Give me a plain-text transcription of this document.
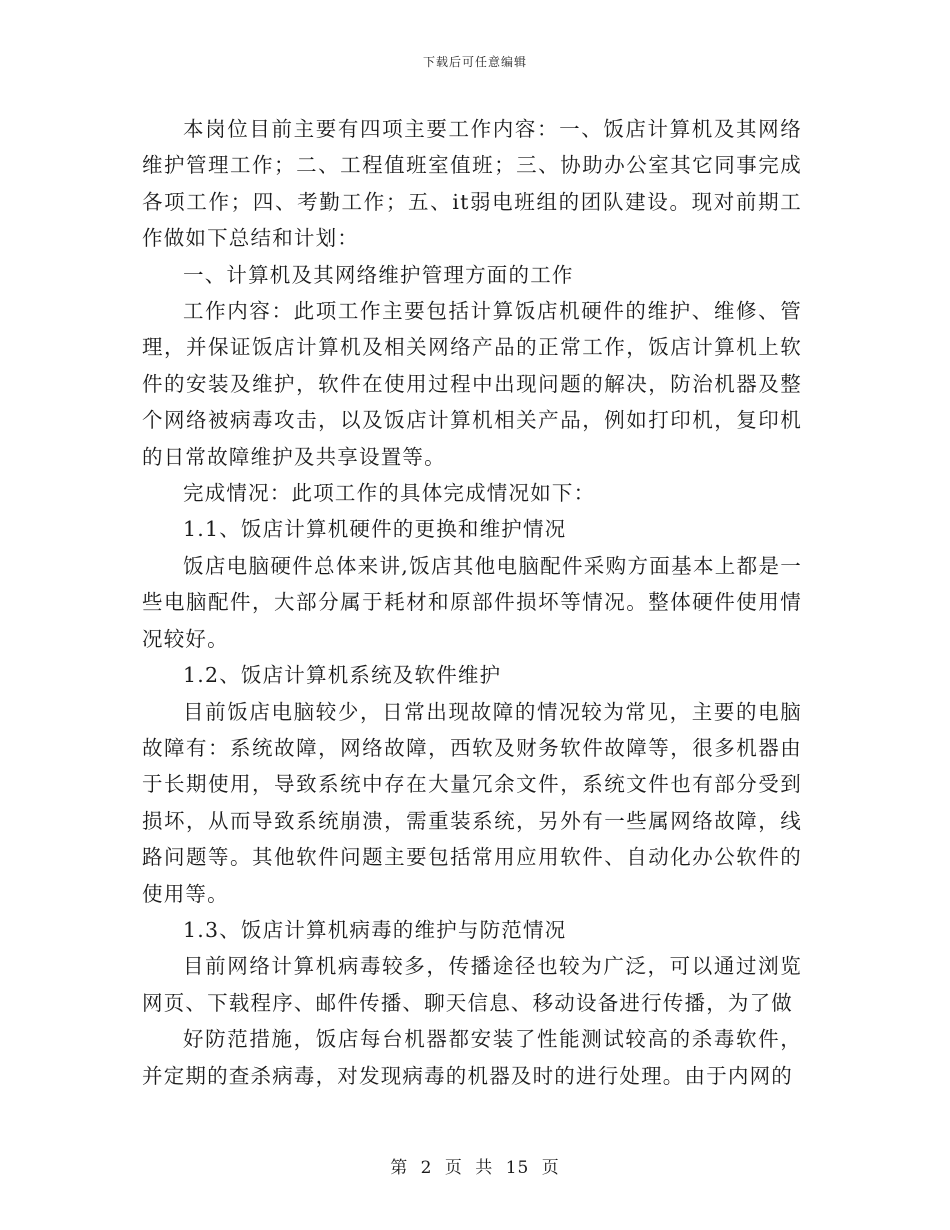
下载后可任意编辑

本岗位目前主要有四项主要工作内容：一、饭店计算机及其网络维护管理工作；二、工程值班室值班；三、协助办公室其它同事完成各项工作；四、考勤工作；五、it弱电班组的团队建设。现对前期工作做如下总结和计划：

一、计算机及其网络维护管理方面的工作

工作内容：此项工作主要包括计算饭店机硬件的维护、维修、管理，并保证饭店计算机及相关网络产品的正常工作，饭店计算机上软件的安装及维护，软件在使用过程中出现问题的解决，防治机器及整个网络被病毒攻击，以及饭店计算机相关产品，例如打印机，复印机的日常故障维护及共享设置等。

完成情况：此项工作的具体完成情况如下：

1.1、饭店计算机硬件的更换和维护情况

饭店电脑硬件总体来讲,饭店其他电脑配件采购方面基本上都是一些电脑配件，大部分属于耗材和原部件损坏等情况。整体硬件使用情况较好。

1.2、饭店计算机系统及软件维护

目前饭店电脑较少，日常出现故障的情况较为常见，主要的电脑故障有：系统故障，网络故障，西软及财务软件故障等，很多机器由于长期使用，导致系统中存在大量冗余文件，系统文件也有部分受到损坏，从而导致系统崩溃，需重装系统，另外有一些属网络故障，线路问题等。其他软件问题主要包括常用应用软件、自动化办公软件的使用等。

1.3、饭店计算机病毒的维护与防范情况

目前网络计算机病毒较多，传播途径也较为广泛，可以通过浏览网页、下载程序、邮件传播、聊天信息、移动设备进行传播，为了做

好防范措施，饭店每台机器都安装了性能测试较高的杀毒软件，并定期的查杀病毒，对发现病毒的机器及时的进行处理。由于内网的

第 2 页 共 15 页
